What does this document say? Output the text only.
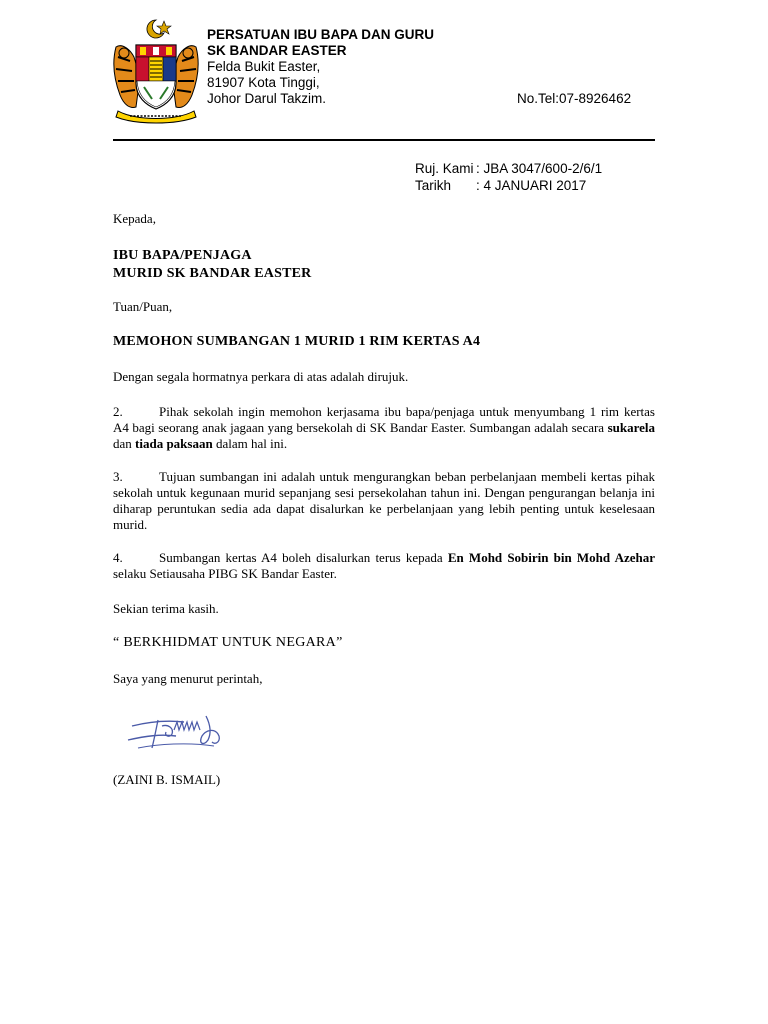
PERSATUAN IBU BAPA DAN GURU
SK BANDAR EASTER
Felda Bukit Easter,
81907 Kota Tinggi,
Johor Darul Takzim.	No.Tel:07-8926462
Ruj. Kami : JBA 3047/600-2/6/1
Tarikh : 4 JANUARI 2017
Kepada,
IBU BAPA/PENJAGA
MURID SK BANDAR EASTER
Tuan/Puan,
MEMOHON SUMBANGAN 1 MURID 1 RIM KERTAS A4
Dengan segala hormatnya perkara di atas adalah dirujuk.
2.	Pihak sekolah ingin memohon kerjasama ibu bapa/penjaga untuk menyumbang 1 rim kertas A4 bagi seorang anak jagaan yang bersekolah di SK Bandar Easter. Sumbangan adalah secara sukarela dan tiada paksaan dalam hal ini.
3.	Tujuan sumbangan ini adalah untuk mengurangkan beban perbelanjaan membeli kertas pihak sekolah untuk kegunaan murid sepanjang sesi persekolahan tahun ini. Dengan pengurangan belanja ini diharap peruntukan sedia ada dapat disalurkan ke perbelanjaan yang lebih penting untuk keselesaan murid.
4.	Sumbangan kertas A4 boleh disalurkan terus kepada En Mohd Sobirin bin Mohd Azehar selaku Setiausaha PIBG SK Bandar Easter.
Sekian terima kasih.
“ BERKHIDMAT UNTUK NEGARA”
Saya yang menurut perintah,
(ZAINI B. ISMAIL)
